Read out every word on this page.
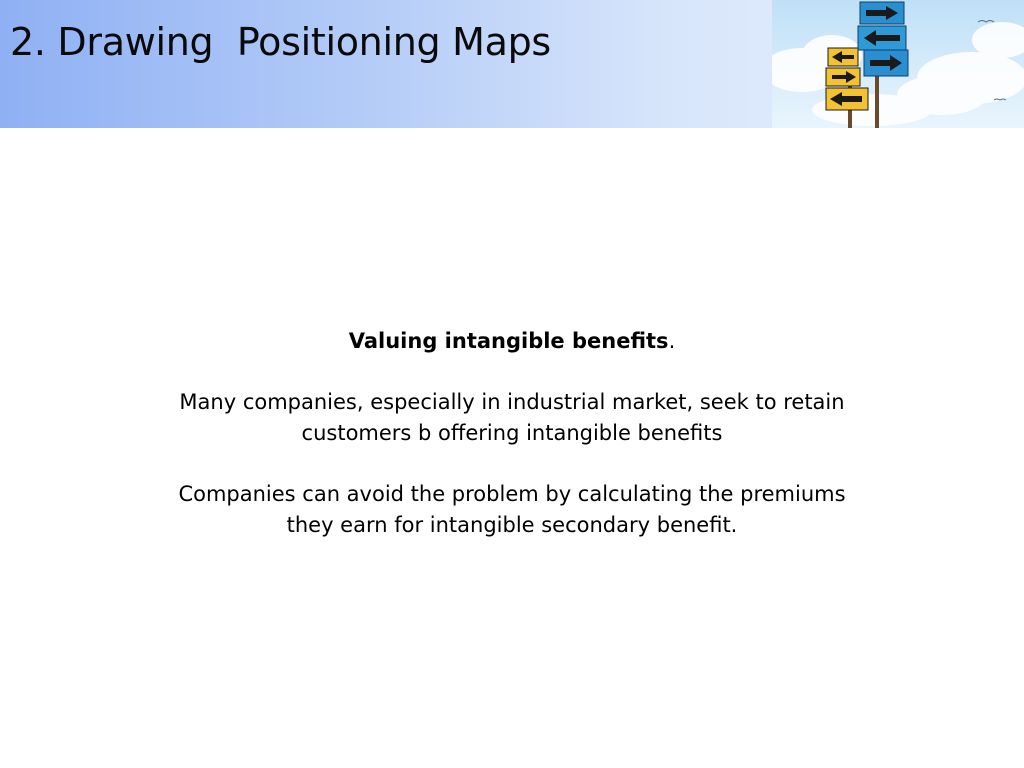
2. Drawing  Positioning Maps

Valuing intangible benefits.

Many companies, especially in industrial market, seek to retain

customers b offering intangible benefits

Companies can avoid the problem by calculating the premiums

they earn for intangible secondary benefit.
